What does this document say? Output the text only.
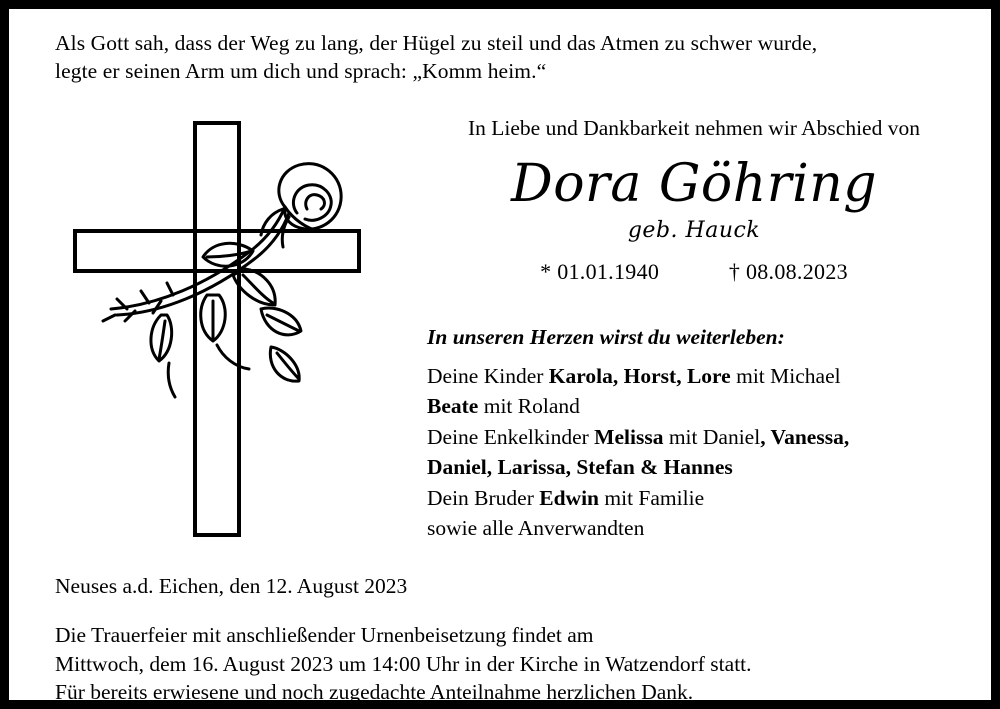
Als Gott sah, dass der Weg zu lang, der Hügel zu steil und das Atmen zu schwer wurde,
legte er seinen Arm um dich und sprach: „Komm heim.“
In Liebe und Dankbarkeit nehmen wir Abschied von
Dora Göhring
geb. Hauck
* 01.01.1940	† 08.08.2023
In unseren Herzen wirst du weiterleben:
Deine Kinder Karola, Horst, Lore mit Michael
Beate mit Roland
Deine Enkelkinder Melissa mit Daniel, Vanessa,
Daniel, Larissa, Stefan & Hannes
Dein Bruder Edwin mit Familie
sowie alle Anverwandten
Neuses a.d. Eichen, den 12. August 2023
Die Trauerfeier mit anschließender Urnenbeisetzung findet am
Mittwoch, dem 16. August 2023 um 14:00 Uhr in der Kirche in Watzendorf statt.
Für bereits erwiesene und noch zugedachte Anteilnahme herzlichen Dank.
